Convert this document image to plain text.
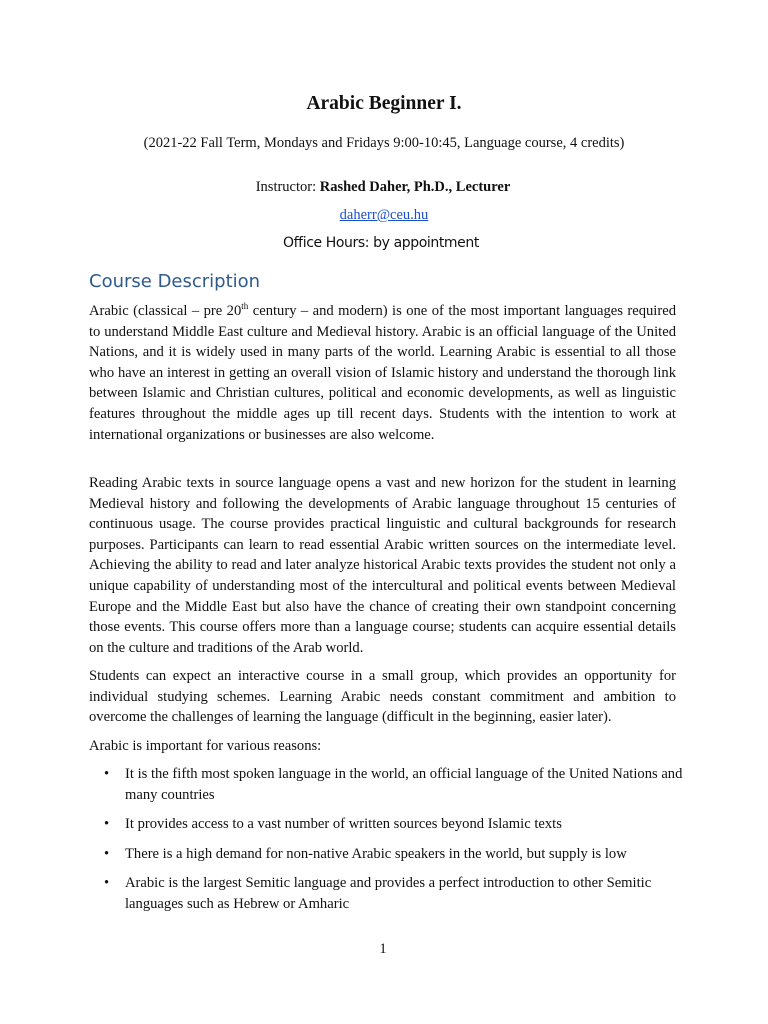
Arabic Beginner I.
(2021-22 Fall Term, Mondays and Fridays 9:00-10:45, Language course, 4 credits)
Instructor: Rashed Daher, Ph.D., Lecturer
daherr@ceu.hu
Office Hours: by appointment
Course Description
Arabic (classical – pre 20th century – and modern) is one of the most important languages required to understand Middle East culture and Medieval history. Arabic is an official language of the United Nations, and it is widely used in many parts of the world. Learning Arabic is essential to all those who have an interest in getting an overall vision of Islamic history and understand the thorough link between Islamic and Christian cultures, political and economic developments, as well as linguistic features throughout the middle ages up till recent days. Students with the intention to work at international organizations or businesses are also welcome.
Reading Arabic texts in source language opens a vast and new horizon for the student in learning Medieval history and following the developments of Arabic language throughout 15 centuries of continuous usage. The course provides practical linguistic and cultural backgrounds for research purposes. Participants can learn to read essential Arabic written sources on the intermediate level. Achieving the ability to read and later analyze historical Arabic texts provides the student not only a unique capability of understanding most of the intercultural and political events between Medieval Europe and the Middle East but also have the chance of creating their own standpoint concerning those events. This course offers more than a language course; students can acquire essential details on the culture and traditions of the Arab world.
Students can expect an interactive course in a small group, which provides an opportunity for individual studying schemes. Learning Arabic needs constant commitment and ambition to overcome the challenges of learning the language (difficult in the beginning, easier later).
Arabic is important for various reasons:
• It is the fifth most spoken language in the world, an official language of the United Nations and many countries
• It provides access to a vast number of written sources beyond Islamic texts
• There is a high demand for non-native Arabic speakers in the world, but supply is low
• Arabic is the largest Semitic language and provides a perfect introduction to other Semitic languages such as Hebrew or Amharic
1
